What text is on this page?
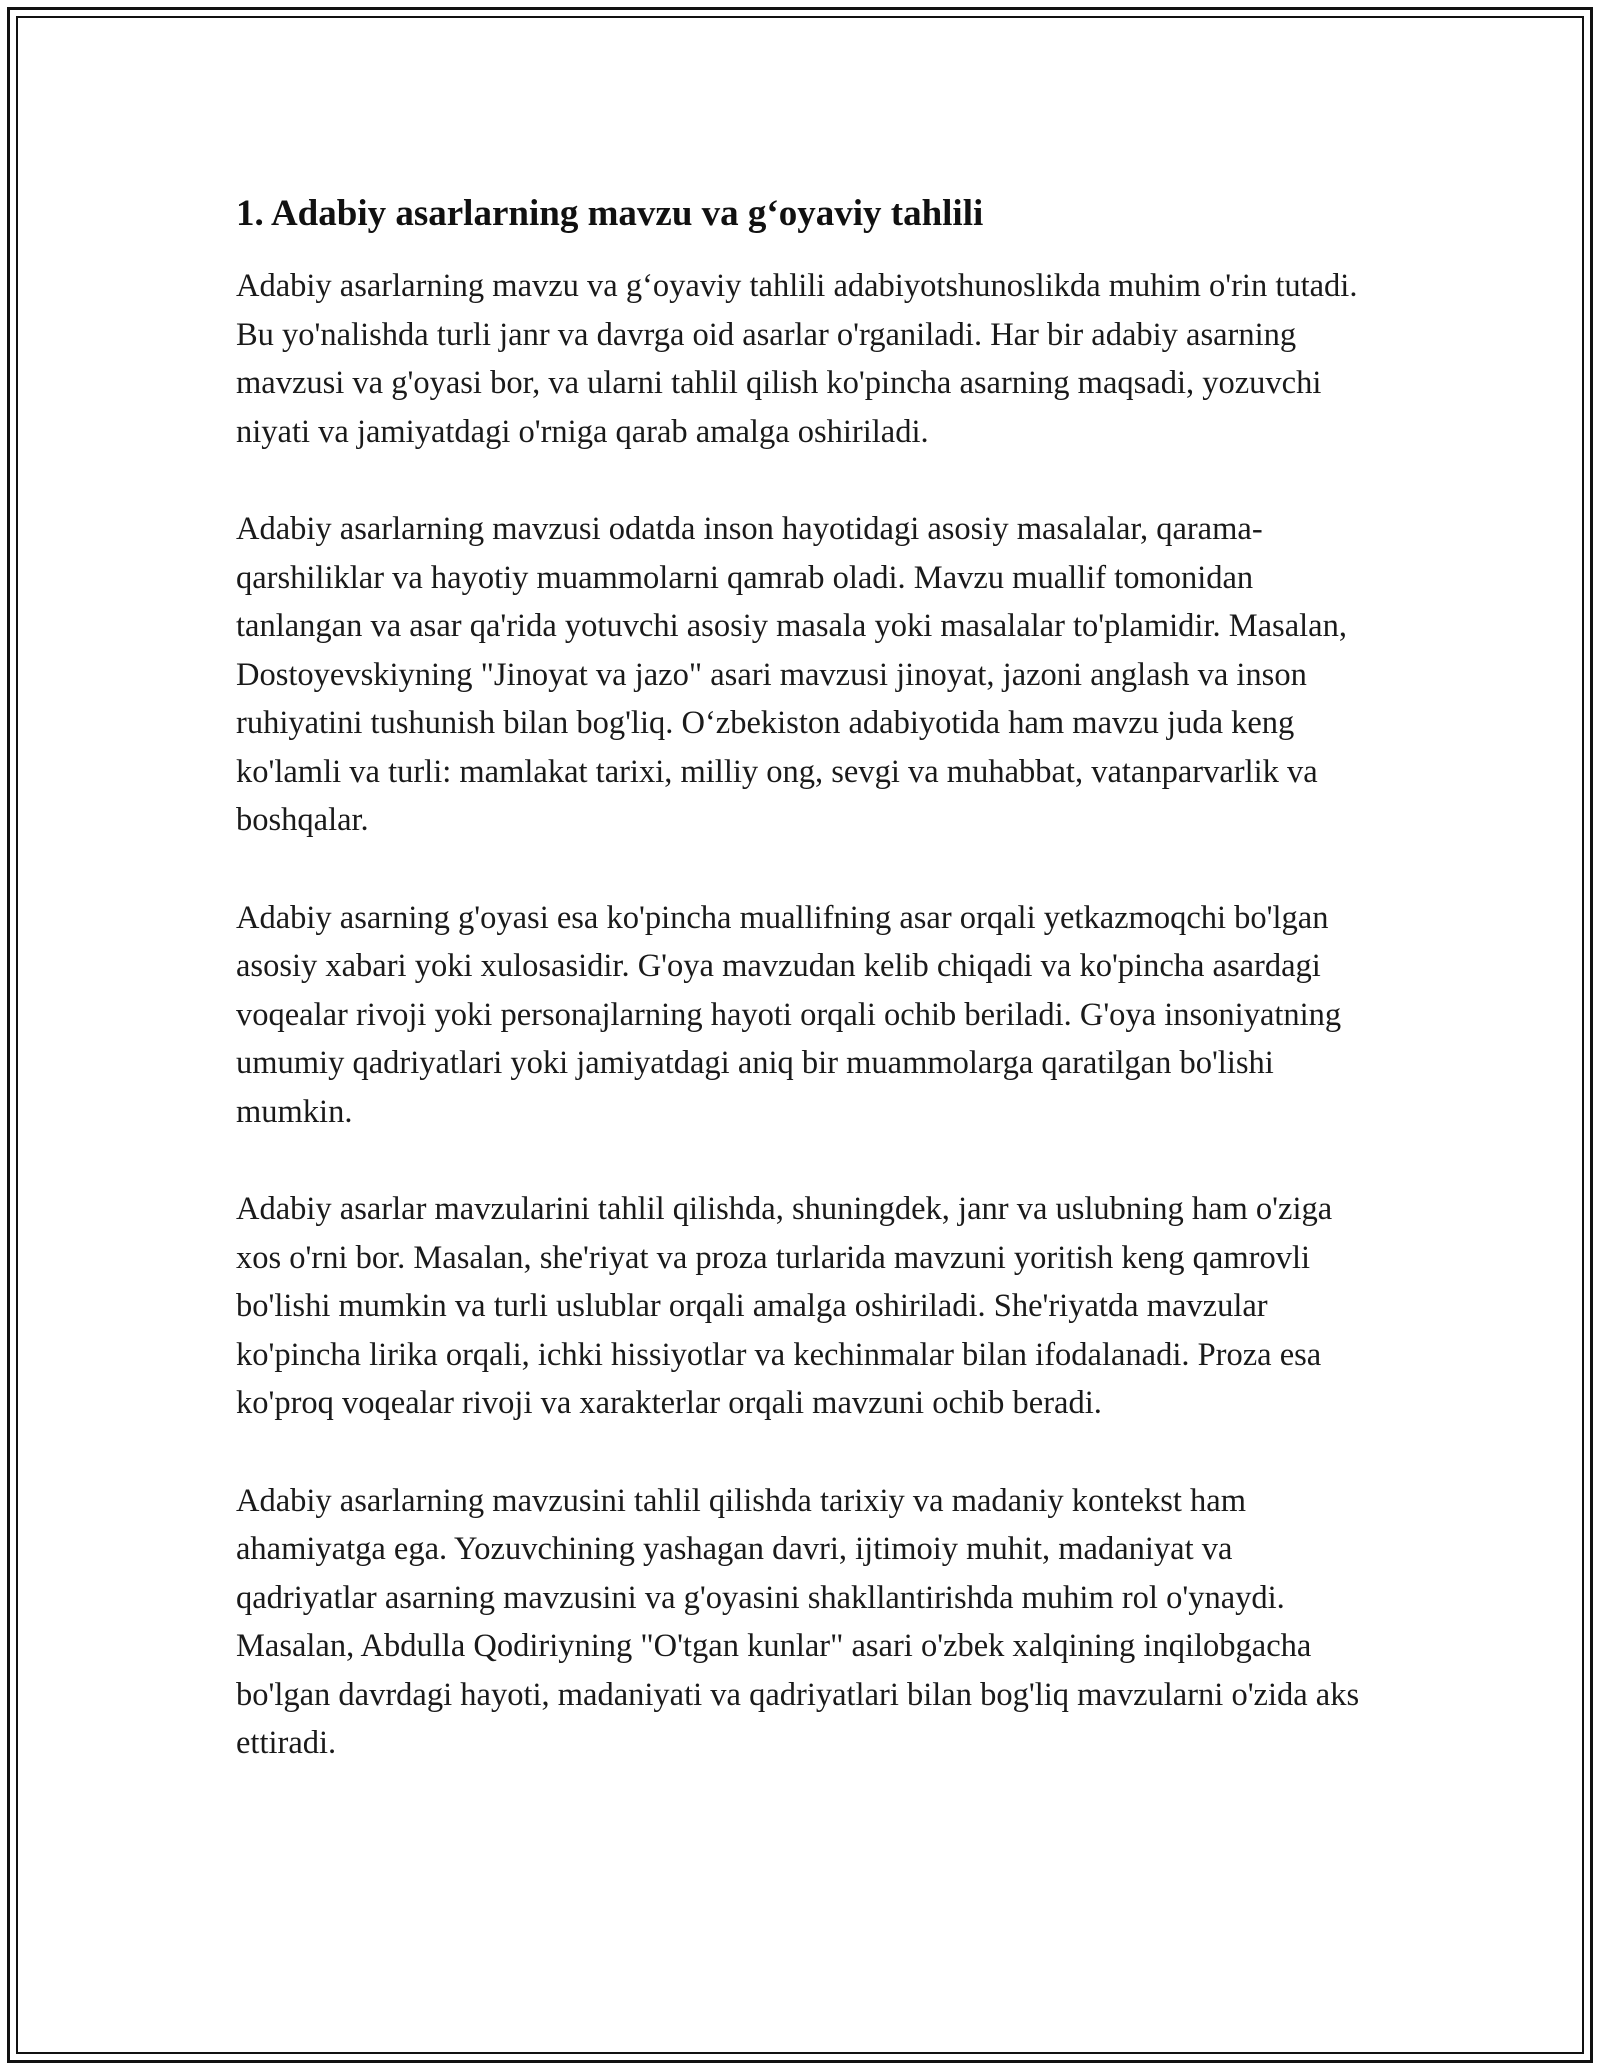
1. Adabiy asarlarning mavzu va g‘oyaviy tahlili

Adabiy asarlarning mavzu va g‘oyaviy tahlili adabiyotshunoslikda muhim o'rin tutadi. Bu yo'nalishda turli janr va davrga oid asarlar o'rganiladi. Har bir adabiy asarning mavzusi va g'oyasi bor, va ularni tahlil qilish ko'pincha asarning maqsadi, yozuvchi niyati va jamiyatdagi o'rniga qarab amalga oshiriladi.

Adabiy asarlarning mavzusi odatda inson hayotidagi asosiy masalalar, qarama-qarshiliklar va hayotiy muammolarni qamrab oladi. Mavzu muallif tomonidan tanlangan va asar qa'rida yotuvchi asosiy masala yoki masalalar to'plamidir. Masalan, Dostoyevskiyning "Jinoyat va jazo" asari mavzusi jinoyat, jazoni anglash va inson ruhiyatini tushunish bilan bog'liq. O‘zbekiston adabiyotida ham mavzu juda keng ko'lamli va turli: mamlakat tarixi, milliy ong, sevgi va muhabbat, vatanparvarlik va boshqalar.

Adabiy asarning g'oyasi esa ko'pincha muallifning asar orqali yetkazmoqchi bo'lgan asosiy xabari yoki xulosasidir. G'oya mavzudan kelib chiqadi va ko'pincha asardagi voqealar rivoji yoki personajlarning hayoti orqali ochib beriladi. G'oya insoniyatning umumiy qadriyatlari yoki jamiyatdagi aniq bir muammolarga qaratilgan bo'lishi mumkin.

Adabiy asarlar mavzularini tahlil qilishda, shuningdek, janr va uslubning ham o'ziga xos o'rni bor. Masalan, she'riyat va proza turlarida mavzuni yoritish keng qamrovli bo'lishi mumkin va turli uslublar orqali amalga oshiriladi. She'riyatda mavzular ko'pincha lirika orqali, ichki hissiyotlar va kechinmalar bilan ifodalanadi. Proza esa ko'proq voqealar rivoji va xarakterlar orqali mavzuni ochib beradi.

Adabiy asarlarning mavzusini tahlil qilishda tarixiy va madaniy kontekst ham ahamiyatga ega. Yozuvchining yashagan davri, ijtimoiy muhit, madaniyat va qadriyatlar asarning mavzusini va g'oyasini shakllantirishda muhim rol o'ynaydi. Masalan, Abdulla Qodiriyning "O'tgan kunlar" asari o'zbek xalqining inqilobgacha bo'lgan davrdagi hayoti, madaniyati va qadriyatlari bilan bog'liq mavzularni o'zida aks ettiradi.
